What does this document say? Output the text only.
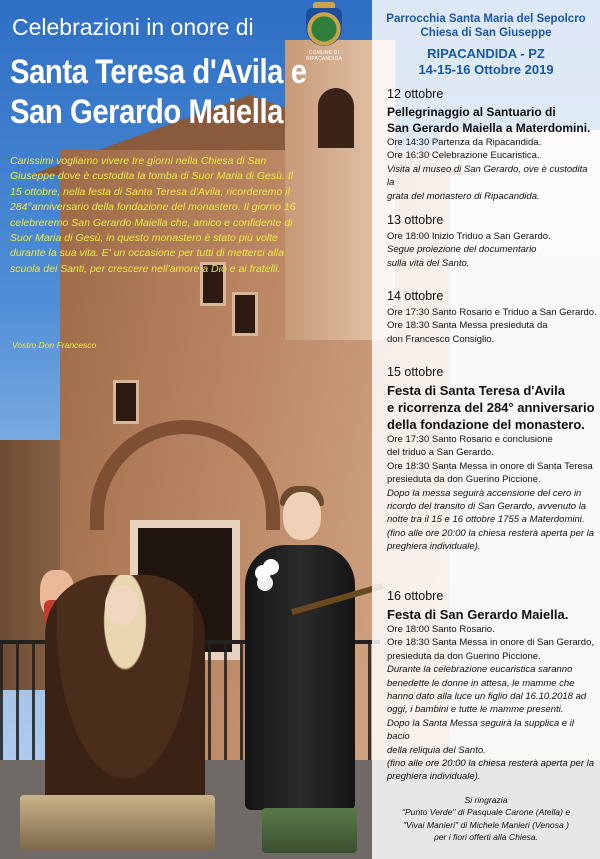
Celebrazioni in onore di
Santa Teresa d'Avila e
San Gerardo Maiella
Carissimi vogliamo vivere tre giorni nella Chiesa di San Giuseppe dove è custodita la tomba di Suor Maria di Gesù. Il 15 ottobre, nella festa di Santa Teresa d'Avila, ricorderemo il 284°anniversario della fondazione del monastero. Il giorno 16 celebreremo San Gerardo Maiella che, amico e confidente di Suor Maria di Gesù, in questo monastero è stato più volte durante la sua vita. E' un occasione per tutti di metterci alla scuola dei Santi, per crescere nell'amore a Dio e ai fratelli.
Vostro Don Francesco
COMUNE DI RIPACANDIDA
Parrocchia Santa Maria del Sepolcro
Chiesa di San Giuseppe
RIPACANDIDA - PZ
14-15-16 Ottobre 2019
12 ottobre
Pellegrinaggio al Santuario di
San Gerardo Maiella a Materdomini.
Ore 14:30 Partenza da Ripacandida.
Ore 16:30 Celebrazione Eucaristica.
Visita al museo di San Gerardo, ove è custodita la
grata del monastero di Ripacandida.
13 ottobre
Ore 18:00 Inizio Triduo a San Gerardo.
Segue proiezione del documentario
sulla vita del Santo.
14 ottobre
Ore 17:30 Santo Rosario e Triduo a San Gerardo.
Ore 18:30 Santa Messa presieduta da
don Francesco Consiglio.
15 ottobre
Festa di Santa Teresa d'Avila
e ricorrenza del 284° anniversario
della fondazione del monastero.
Ore 17:30 Santo Rosario e conclusione
del triduo a San Gerardo.
Ore 18:30 Santa Messa in onore di Santa Teresa
presieduta da don Guerino Piccione.
Dopo la messa seguirà accensione del cero in
ricordo del transito di San Gerardo, avvenuto la
notte tra il 15 e 16 ottobre 1755 a Materdomini.
(fino alle ore 20:00 la chiesa resterà aperta per la
preghiera individuale).
16 ottobre
Festa di San Gerardo Maiella.
Ore 18:00 Santo Rosario.
Ore 18:30 Santa Messa in onore di San Gerardo,
presieduta da don Guerino Piccione.
Durante la celebrazione eucaristica saranno
benedette le donne in attesa, le mamme che
hanno dato alla luce un figlio dal 16.10.2018 ad
oggi, i bambini e tutte le mamme presenti.
Dopo la Santa Messa seguirà la supplica e il bacio
della reliquia del Santo.
(fino alle ore 20:00 la chiesa resterà aperta per la
preghiera individuale).
Si ringrazia
"Punto Verde" di Pasquale Carone (Atella) e
"Vivai Manieri" di Michele Manieri (Venosa )
per i fiori offerti alla Chiesa.
